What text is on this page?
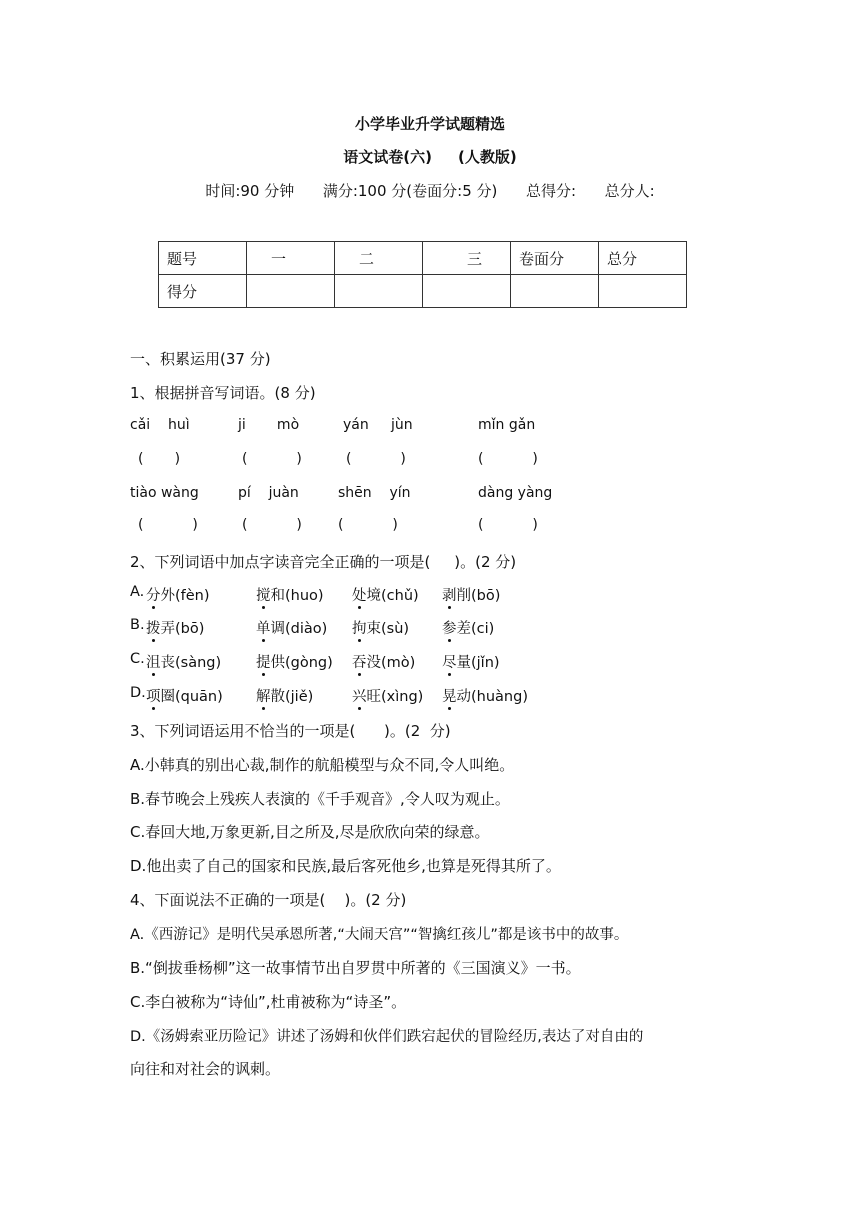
小学毕业升学试题精选
语文试卷(六)     (人教版)
时间:90 分钟      满分:100 分(卷面分:5 分)      总得分:      总分人:
题号	一	二	三	卷面分	总分
得分					
一、积累运用(37 分)
1、根据拼音写词语。(8 分)
cǎi    huì	ji       mò	yán     jùn	mǐn gǎn
(       )	(           )	(           )	(           )
tiào wàng	pí    juàn	shēn    yín	dàng yàng
(           )	(           )	(           )	(           )
2、下列词语中加点字读音完全正确的一项是(     )。(2 分)
A. 分外(fèn)	搅和(huo) 处境(chǔ) 剥削(bō)
B. 拨弄(bō)	单调(diào) 拘束(sù) 参差(ci)
C. 沮丧(sàng) 提供(gòng) 吞没(mò) 尽量(jǐn)
D. 项圈(quān) 解散(jiě)	兴旺(xìng) 晃动(huàng)
3、下列词语运用不恰当的一项是(      )。(2  分)
A.小韩真的别出心裁,制作的航船模型与众不同,令人叫绝。
B.春节晚会上残疾人表演的《千手观音》,令人叹为观止。
C.春回大地,万象更新,目之所及,尽是欣欣向荣的绿意。
D.他出卖了自己的国家和民族,最后客死他乡,也算是死得其所了。
4、下面说法不正确的一项是(    )。(2 分)
A.《西游记》是明代吴承恩所著,“大闹天宫”“智擒红孩儿”都是该书中的故事。
B.“倒拔垂杨柳”这一故事情节出自罗贯中所著的《三国演义》一书。
C.李白被称为“诗仙”,杜甫被称为“诗圣”。
D.《汤姆索亚历险记》讲述了汤姆和伙伴们跌宕起伏的冒险经历,表达了对自由的
向往和对社会的讽刺。
